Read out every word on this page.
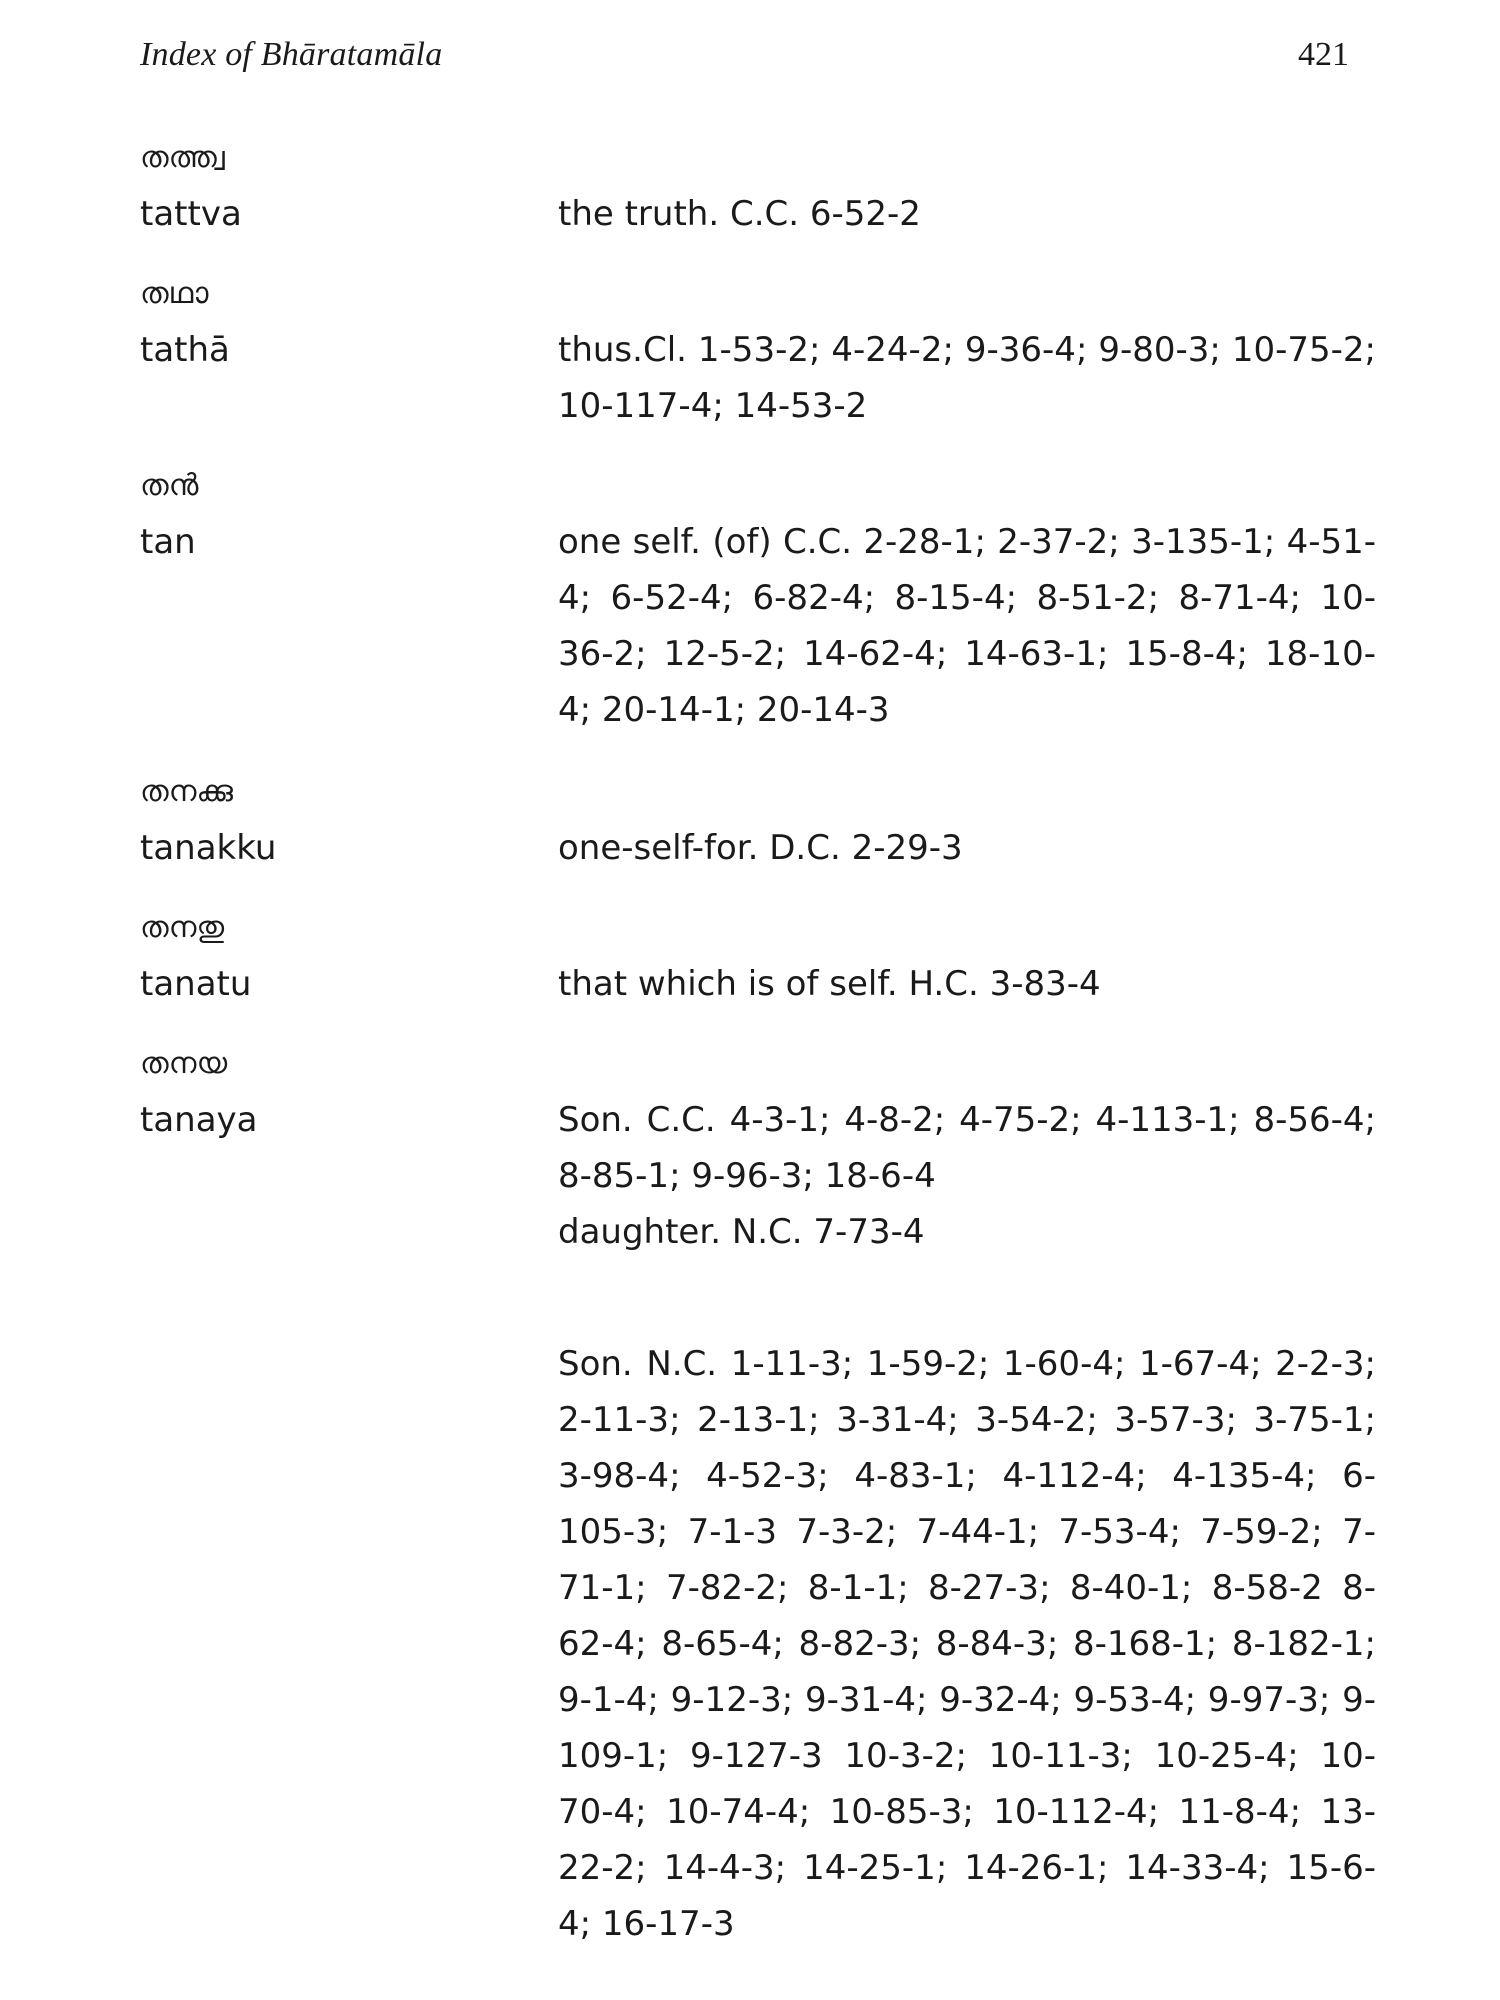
Index of Bhāratamāla	421
തത്ത്വ
tattva	the truth. C.C. 6-52-2

തഥാ
tathā	thus.Cl. 1-53-2; 4-24-2; 9-36-4; 9-80-3; 10-75-2; 10-117-4; 14-53-2

തൻ
tan	one self. (of) C.C. 2-28-1; 2-37-2; 3-135-1; 4-51-4; 6-52-4; 6-82-4; 8-15-4; 8-51-2; 8-71-4; 10-36-2; 12-5-2; 14-62-4; 14-63-1; 15-8-4; 18-10-4; 20-14-1; 20-14-3

തനക്കു
tanakku	one-self-for. D.C. 2-29-3

തനതു
tanatu	that which is of self. H.C. 3-83-4

തനയ
tanaya	Son. C.C. 4-3-1; 4-8-2; 4-75-2; 4-113-1; 8-56-4; 8-85-1; 9-96-3; 18-6-4

daughter. N.C. 7-73-4

Son. N.C. 1-11-3; 1-59-2; 1-60-4; 1-67-4; 2-2-3; 2-11-3; 2-13-1; 3-31-4; 3-54-2; 3-57-3; 3-75-1; 3-98-4; 4-52-3; 4-83-1; 4-112-4; 4-135-4; 6-105-3; 7-1-3 7-3-2; 7-44-1; 7-53-4; 7-59-2; 7-71-1; 7-82-2; 8-1-1; 8-27-3; 8-40-1; 8-58-2 8-62-4; 8-65-4; 8-82-3; 8-84-3; 8-168-1; 8-182-1; 9-1-4; 9-12-3; 9-31-4; 9-32-4; 9-53-4; 9-97-3; 9-109-1; 9-127-3 10-3-2; 10-11-3; 10-25-4; 10-70-4; 10-74-4; 10-85-3; 10-112-4; 11-8-4; 13-22-2; 14-4-3; 14-25-1; 14-26-1; 14-33-4; 15-6-4; 16-17-3
